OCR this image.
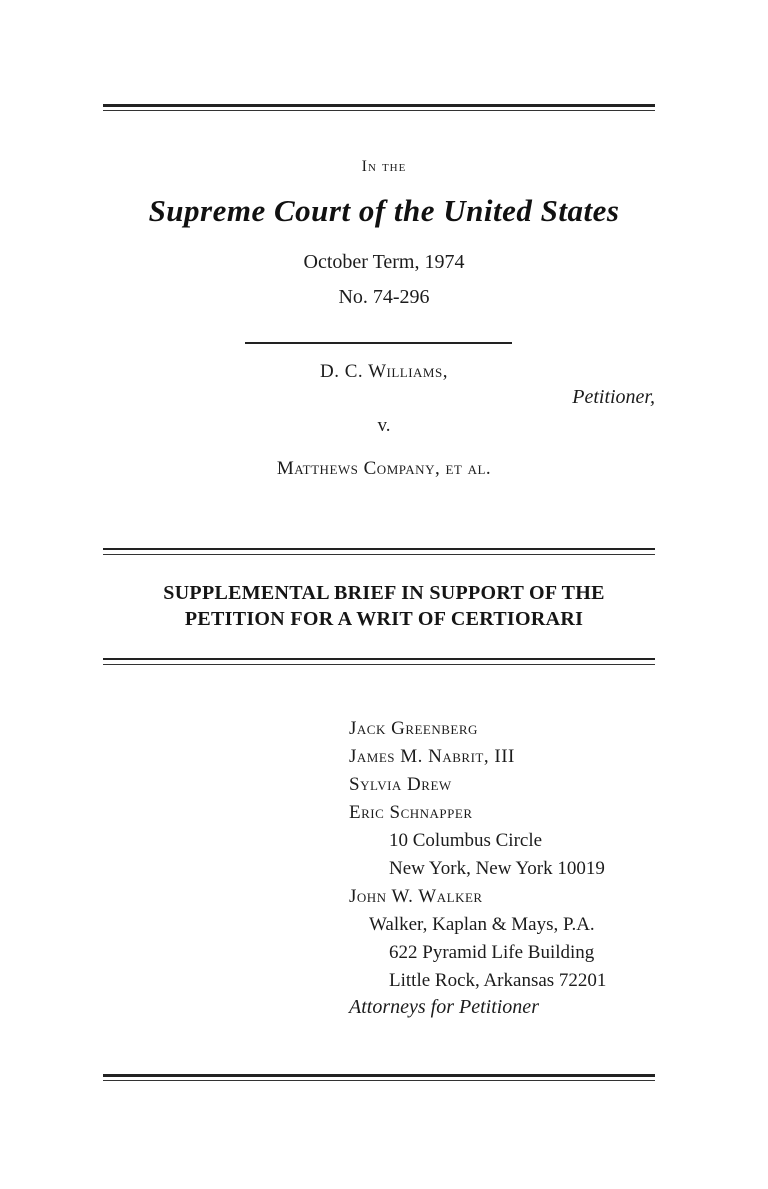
In the
Supreme Court of the United States
October Term, 1974
No. 74-296
D. C. Williams,
Petitioner,
v.
Matthews Company, et al.
SUPPLEMENTAL BRIEF IN SUPPORT OF THE
PETITION FOR A WRIT OF CERTIORARI
Jack Greenberg
James M. Nabrit, III
Sylvia Drew
Eric Schnapper
10 Columbus Circle
New York, New York 10019
John W. Walker
Walker, Kaplan & Mays, P.A.
622 Pyramid Life Building
Little Rock, Arkansas 72201
Attorneys for Petitioner
